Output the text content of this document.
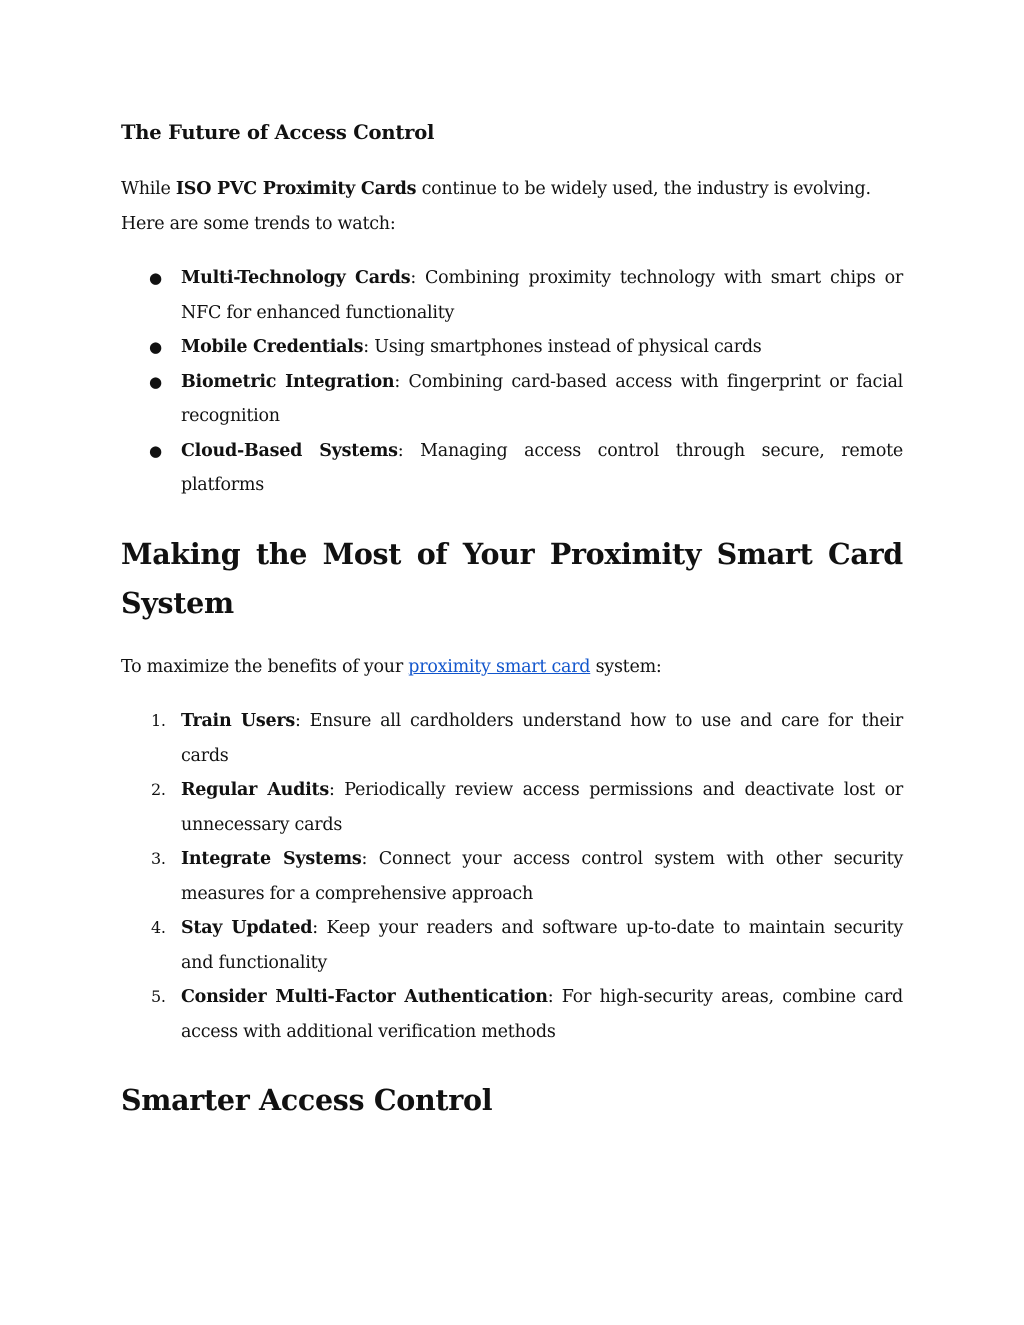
The Future of Access Control

While ISO PVC Proximity Cards continue to be widely used, the industry is evolving. Here are some trends to watch:

● Multi-Technology Cards: Combining proximity technology with smart chips or NFC for enhanced functionality
● Mobile Credentials: Using smartphones instead of physical cards
● Biometric Integration: Combining card-based access with fingerprint or facial recognition
● Cloud-Based Systems: Managing access control through secure, remote platforms
Making the Most of Your Proximity Smart Card
System

To maximize the benefits of your proximity smart card system:

1. Train Users: Ensure all cardholders understand how to use and care for their cards
2. Regular Audits: Periodically review access permissions and deactivate lost or unnecessary cards
3. Integrate Systems: Connect your access control system with other security measures for a comprehensive approach
4. Stay Updated: Keep your readers and software up-to-date to maintain security and functionality
5. Consider Multi-Factor Authentication: For high-security areas, combine card access with additional verification methods
Smarter Access Control
